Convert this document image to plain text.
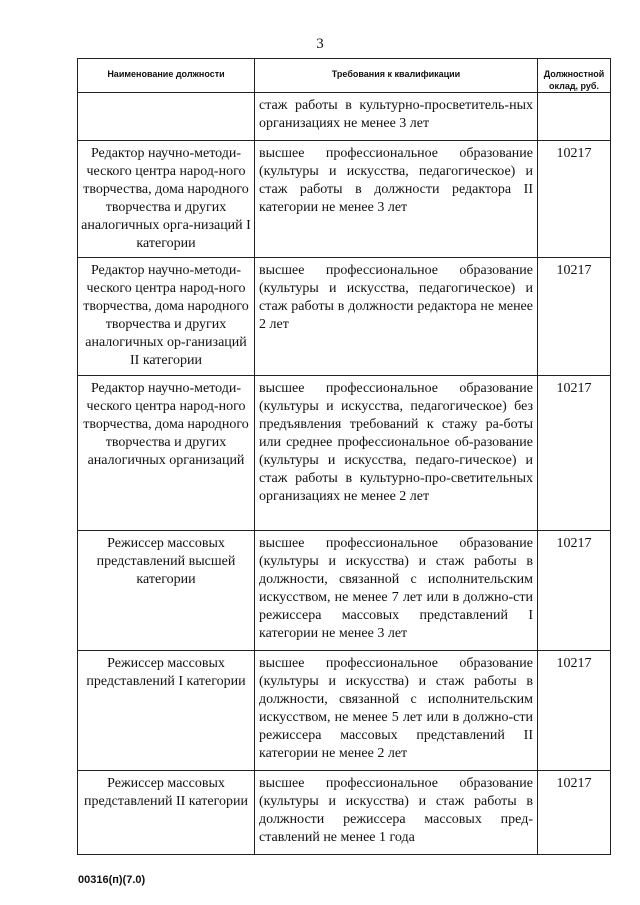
3
Наименование должности	Требования к квалификации	Должностной оклад, руб.
	стаж работы в культурно-просветитель-ных организациях не менее 3 лет	
Редактор научно-методи-ческого центра народ-ного творчества, дома народного творчества и других аналогичных орга-низаций I категории	высшее профессиональное образование (культуры и искусства, педагогическое) и стаж работы в должности редактора II категории не менее 3 лет	10217
Редактор научно-методи-ческого центра народ-ного творчества, дома народного творчества и других аналогичных ор-ганизаций II категории	высшее профессиональное образование (культуры и искусства, педагогическое) и стаж работы в должности редактора не менее 2 лет	10217
Редактор научно-методи-ческого центра народ-ного творчества, дома народного творчества и других аналогичных организаций	высшее профессиональное образование (культуры и искусства, педагогическое) без предъявления требований к стажу ра-боты или среднее профессиональное об-разование (культуры и искусства, педаго-гическое) и стаж работы в культурно-про-светительных организациях не менее 2 лет	10217
Режиссер массовых представлений высшей категории	высшее профессиональное образование (культуры и искусства) и стаж работы в должности, связанной с исполнительским искусством, не менее 7 лет или в должно-сти режиссера массовых представлений I категории не менее 3 лет	10217
Режиссер массовых представлений I категории	высшее профессиональное образование (культуры и искусства) и стаж работы в должности, связанной с исполнительским искусством, не менее 5 лет или в должно-сти режиссера массовых представлений II категории не менее 2 лет	10217
Режиссер массовых представлений II категории	высшее профессиональное образование (культуры и искусства) и стаж работы в должности режиссера массовых пред-ставлений не менее 1 года	10217
00316(п)(7.0)
